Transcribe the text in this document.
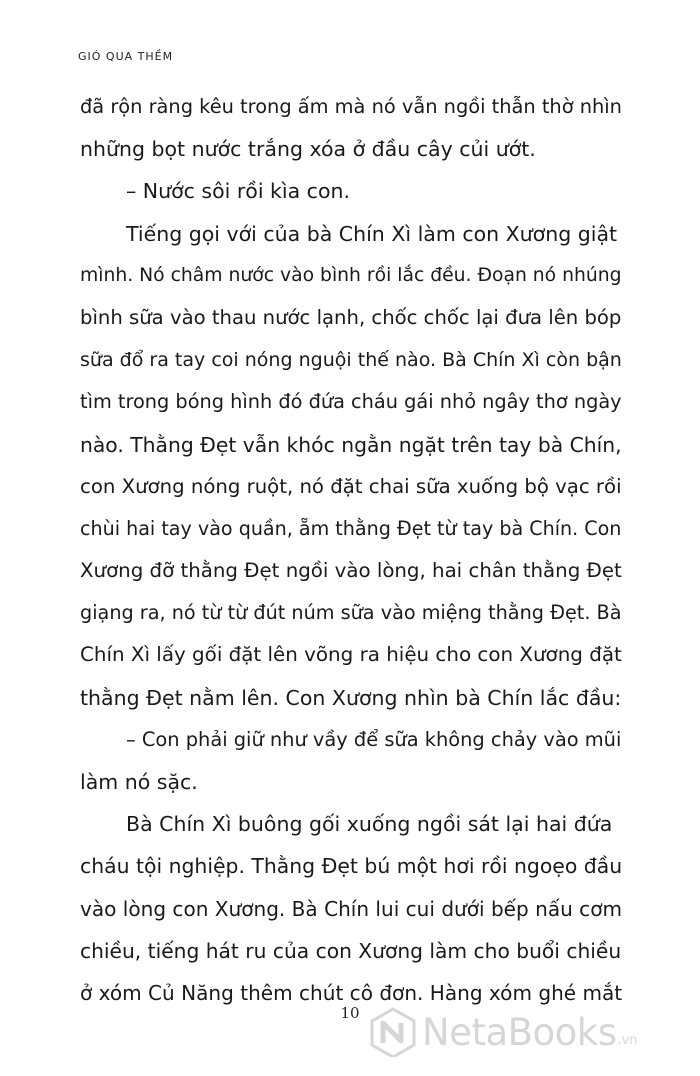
GIÓ QUA THỀM
đã rộn ràng kêu trong ấm mà nó vẫn ngồi thẫn thờ nhìn
những bọt nước trắng xóa ở đầu cây củi ướt.
– Nước sôi rồi kìa con.
Tiếng gọi với của bà Chín Xì làm con Xương giật
mình. Nó châm nước vào bình rồi lắc đều. Đoạn nó nhúng
bình sữa vào thau nước lạnh, chốc chốc lại đưa lên bóp
sữa đổ ra tay coi nóng nguội thế nào. Bà Chín Xì còn bận
tìm trong bóng hình đó đứa cháu gái nhỏ ngây thơ ngày
nào. Thằng Đẹt vẫn khóc ngằn ngặt trên tay bà Chín,
con Xương nóng ruột, nó đặt chai sữa xuống bộ vạc rồi
chùi hai tay vào quần, ẵm thằng Đẹt từ tay bà Chín. Con
Xương đỡ thằng Đẹt ngồi vào lòng, hai chân thằng Đẹt
giạng ra, nó từ từ đút núm sữa vào miệng thằng Đẹt. Bà
Chín Xì lấy gối đặt lên võng ra hiệu cho con Xương đặt
thằng Đẹt nằm lên. Con Xương nhìn bà Chín lắc đầu:
– Con phải giữ như vầy để sữa không chảy vào mũi
làm nó sặc.
Bà Chín Xì buông gối xuống ngồi sát lại hai đứa
cháu tội nghiệp. Thằng Đẹt bú một hơi rồi ngoẹo đầu
vào lòng con Xương. Bà Chín lui cui dưới bếp nấu cơm
chiều, tiếng hát ru của con Xương làm cho buổi chiều
ở xóm Củ Năng thêm chút cô đơn. Hàng xóm ghé mắt
10	NetaBooks .vn
